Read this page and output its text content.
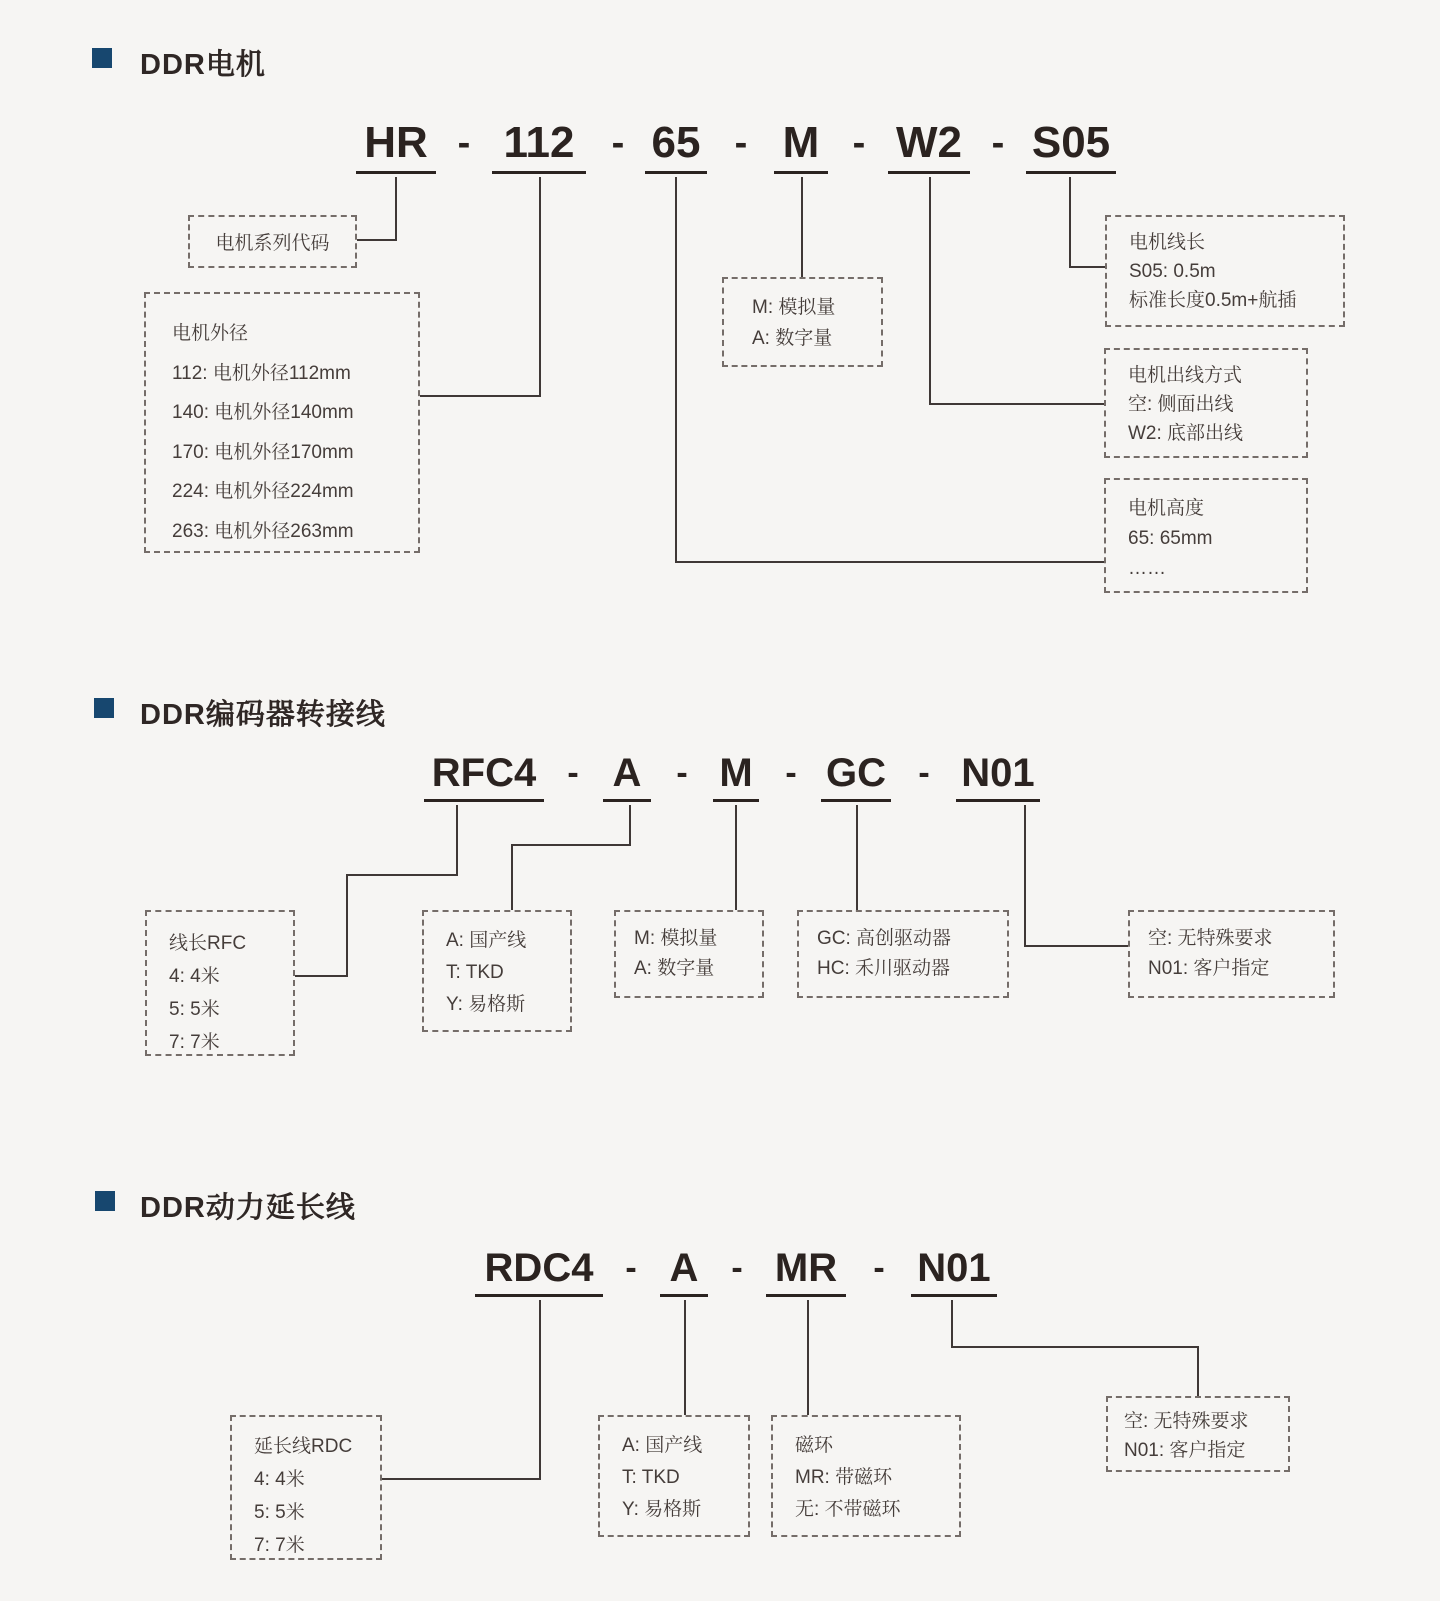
DDR电机
HR - 112 - 65 - M - W2 - S05
电机系列代码
电机外径
112: 电机外径112mm
140: 电机外径140mm
170: 电机外径170mm
224: 电机外径224mm
263: 电机外径263mm
M: 模拟量
A: 数字量
电机线长
S05: 0.5m
标准长度0.5m+航插
电机出线方式
空: 侧面出线
W2: 底部出线
电机高度
65: 65mm
……
DDR编码器转接线
RFC4 - A - M - GC - N01
线长RFC
4: 4米
5: 5米
7: 7米
A: 国产线
T: TKD
Y: 易格斯
M: 模拟量
A: 数字量
GC: 高创驱动器
HC: 禾川驱动器
空: 无特殊要求
N01: 客户指定
DDR动力延长线
RDC4 - A - MR - N01
延长线RDC
4: 4米
5: 5米
7: 7米
A: 国产线
T: TKD
Y: 易格斯
磁环
MR: 带磁环
无: 不带磁环
空: 无特殊要求
N01: 客户指定
